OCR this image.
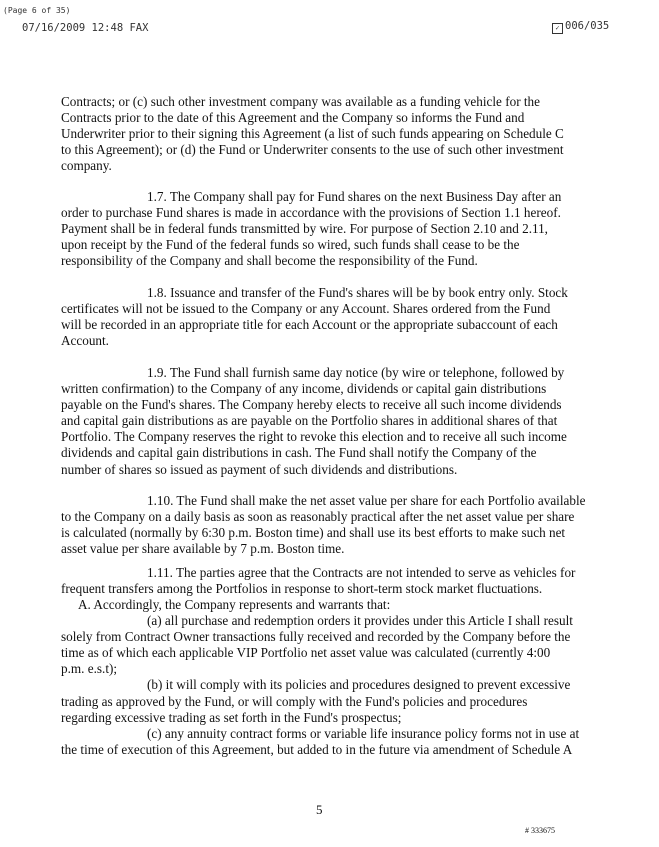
(Page 6 of 35)
07/16/2009 12:48 FAX	✓ 006/035
Contracts; or (c) such other investment company was available as a funding vehicle for the
Contracts prior to the date of this Agreement and the Company so informs the Fund and
Underwriter prior to their signing this Agreement (a list of such funds appearing on Schedule C
to this Agreement); or (d) the Fund or Underwriter consents to the use of such other investment
company.
1.7. The Company shall pay for Fund shares on the next Business Day after an
order to purchase Fund shares is made in accordance with the provisions of Section 1.1 hereof.
Payment shall be in federal funds transmitted by wire. For purpose of Section 2.10 and 2.11,
upon receipt by the Fund of the federal funds so wired, such funds shall cease to be the
responsibility of the Company and shall become the responsibility of the Fund.
1.8. Issuance and transfer of the Fund's shares will be by book entry only. Stock
certificates will not be issued to the Company or any Account. Shares ordered from the Fund
will be recorded in an appropriate title for each Account or the appropriate subaccount of each
Account.
1.9. The Fund shall furnish same day notice (by wire or telephone, followed by
written confirmation) to the Company of any income, dividends or capital gain distributions
payable on the Fund's shares. The Company hereby elects to receive all such income dividends
and capital gain distributions as are payable on the Portfolio shares in additional shares of that
Portfolio. The Company reserves the right to revoke this election and to receive all such income
dividends and capital gain distributions in cash. The Fund shall notify the Company of the
number of shares so issued as payment of such dividends and distributions.
1.10. The Fund shall make the net asset value per share for each Portfolio available
to the Company on a daily basis as soon as reasonably practical after the net asset value per share
is calculated (normally by 6:30 p.m. Boston time) and shall use its best efforts to make such net
asset value per share available by 7 p.m. Boston time.
1.11. The parties agree that the Contracts are not intended to serve as vehicles for
frequent transfers among the Portfolios in response to short-term stock market fluctuations.
A. Accordingly, the Company represents and warrants that:
(a) all purchase and redemption orders it provides under this Article I shall result
solely from Contract Owner transactions fully received and recorded by the Company before the
time as of which each applicable VIP Portfolio net asset value was calculated (currently 4:00
p.m. e.s.t);
(b) it will comply with its policies and procedures designed to prevent excessive
trading as approved by the Fund, or will comply with the Fund's policies and procedures
regarding excessive trading as set forth in the Fund's prospectus;
(c) any annuity contract forms or variable life insurance policy forms not in use at
the time of execution of this Agreement, but added to in the future via amendment of Schedule A
5
# 333675
